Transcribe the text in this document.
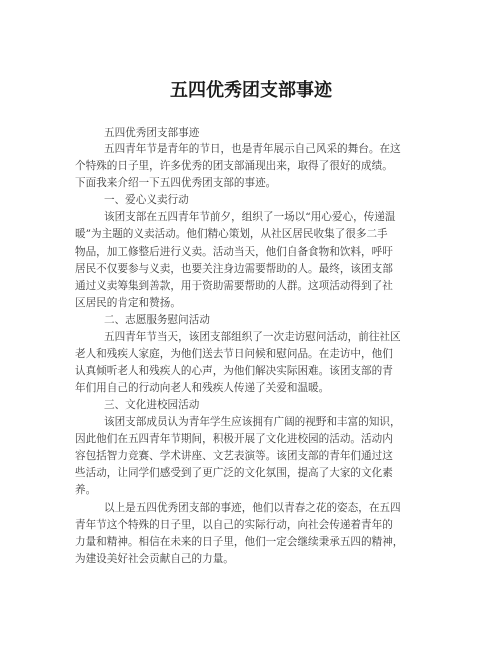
五四优秀团支部事迹

五四优秀团支部事迹

五四青年节是青年的节日，也是青年展示自己风采的舞台。在这

个特殊的日子里，许多优秀的团支部涌现出来，取得了很好的成绩。

下面我来介绍一下五四优秀团支部的事迹。

一、爱心义卖行动

该团支部在五四青年节前夕，组织了一场以“用心爱心，传递温

暖”为主题的义卖活动。他们精心策划，从社区居民收集了很多二手

物品，加工修整后进行义卖。活动当天，他们自备食物和饮料，呼吁

居民不仅要参与义卖，也要关注身边需要帮助的人。最终，该团支部

通过义卖筹集到善款，用于资助需要帮助的人群。这项活动得到了社

区居民的肯定和赞扬。

二、志愿服务慰问活动

五四青年节当天，该团支部组织了一次走访慰问活动，前往社区

老人和残疾人家庭，为他们送去节日问候和慰问品。在走访中，他们

认真倾听老人和残疾人的心声，为他们解决实际困难。该团支部的青

年们用自己的行动向老人和残疾人传递了关爱和温暖。

三、文化进校园活动

该团支部成员认为青年学生应该拥有广阔的视野和丰富的知识，

因此他们在五四青年节期间，积极开展了文化进校园的活动。活动内

容包括智力竞赛、学术讲座、文艺表演等。该团支部的青年们通过这

些活动，让同学们感受到了更广泛的文化氛围，提高了大家的文化素

养。

以上是五四优秀团支部的事迹，他们以青春之花的姿态，在五四

青年节这个特殊的日子里，以自己的实际行动，向社会传递着青年的

力量和精神。相信在未来的日子里，他们一定会继续秉承五四的精神，

为建设美好社会贡献自己的力量。
